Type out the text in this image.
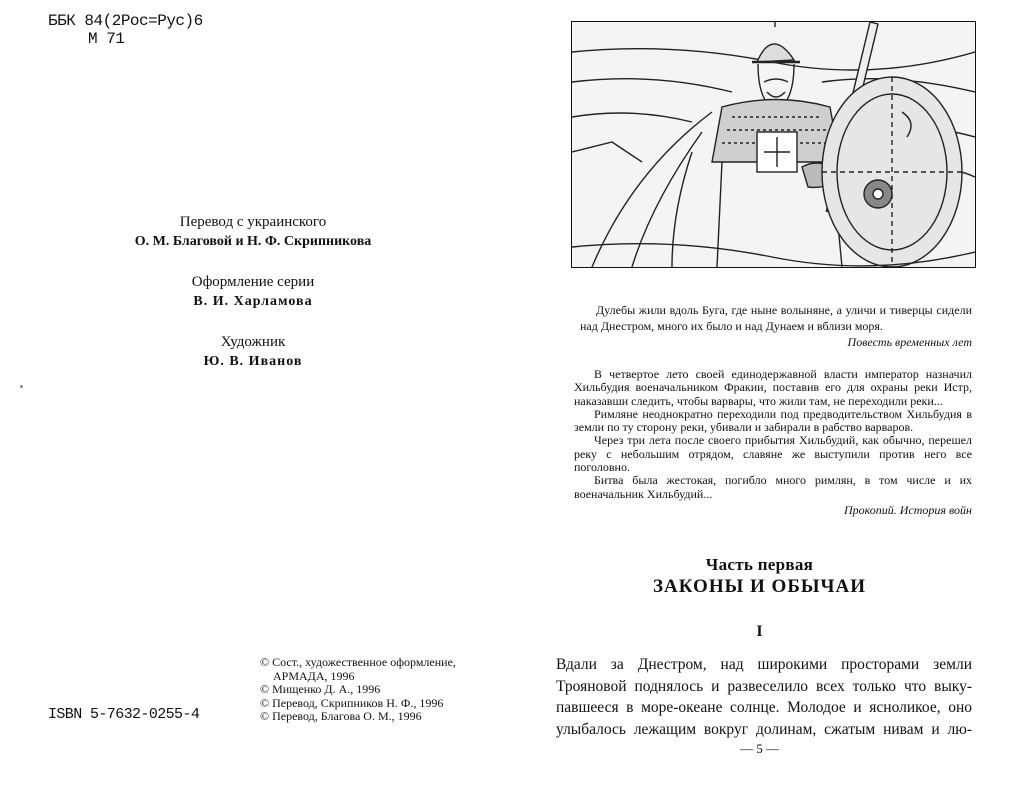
ББК 84(2Рос=Рус)6
М 71
Перевод с украинского
О. М. Благовой и Н. Ф. Скрипникова
Оформление серии
В. И. Харламова
Художник
Ю. В. Иванов
© Сост., художественное оформление,
АРМАДА, 1996
© Мищенко Д. А., 1996
© Перевод, Скрипников Н. Ф., 1996
© Перевод, Благова О. М., 1996
ISBN 5-7632-0255-4

Дулебы жили вдоль Буга, где ныне волыняне, а уличи и тиверцы сидели над Днестром, много их было и над Дунаем и вблизи моря.

Повесть временных лет

В четвертое лето своей единодержавной власти император назначил Хильбудия военачальником Фракии, поставив его для охраны реки Истр, наказавши следить, чтобы варвары, что жили там, не переходили реки...

Римляне неоднократно переходили под предводительством Хильбудия в земли по ту сторону реки, убивали и забирали в рабство варваров.

Через три лета после своего прибытия Хильбудий, как обычно, перешел реку с небольшим отрядом, славяне же выступили против него все поголовно.

Битва была жестокая, погибло много римлян, в том числе и их военачальник Хильбудий...

Прокопий. История войн
Часть первая
ЗАКОНЫ И ОБЫЧАИ
I
Вдали за Днестром, над широкими просторами земли
Трояновой поднялось и развеселило всех только что выку-
павшееся в море-океане солнце. Молодое и ясноликое, оно
улыбалось лежащим вокруг долинам, сжатым нивам и лю-
— 5 —
